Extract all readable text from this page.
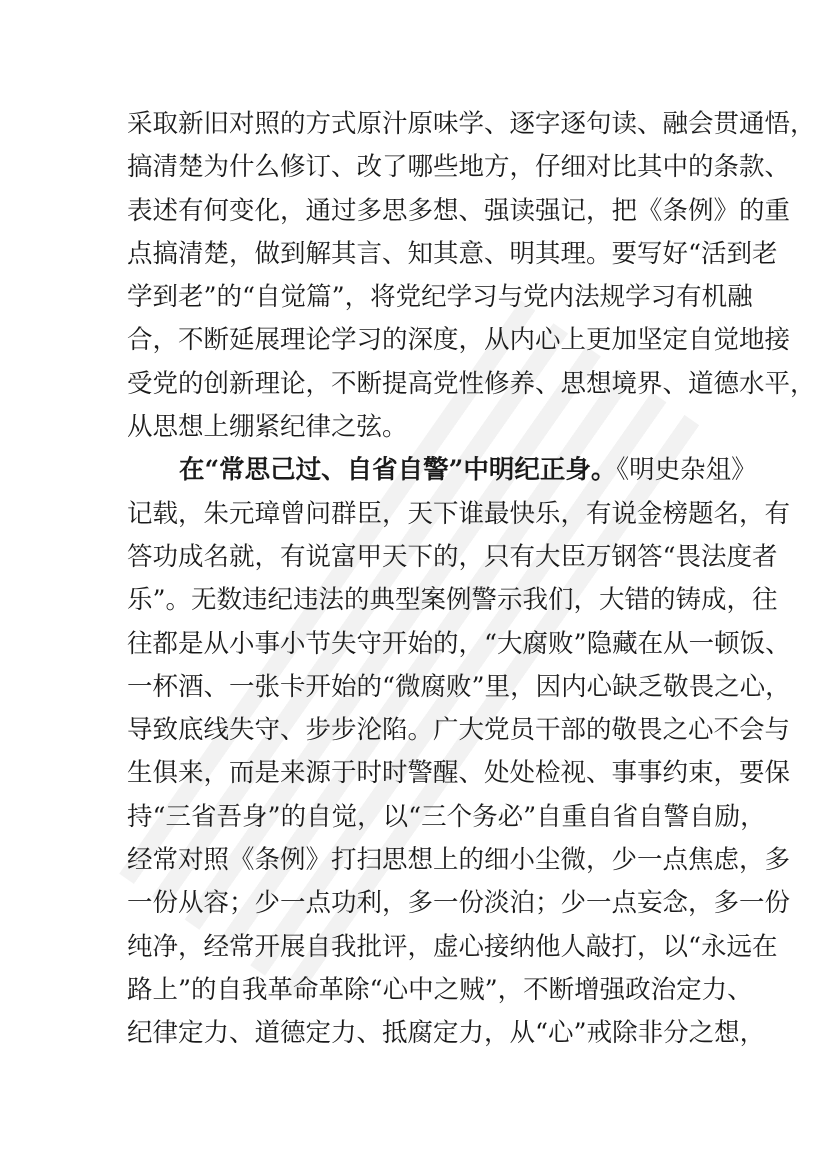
采取新旧对照的方式原汁原味学、逐字逐句读、融会贯通悟，
搞清楚为什么修订、改了哪些地方，仔细对比其中的条款、
表述有何变化，通过多思多想、强读强记，把《条例》的重
点搞清楚，做到解其言、知其意、明其理。要写好“活到老
学到老”的“自觉篇”，将党纪学习与党内法规学习有机融
合，不断延展理论学习的深度，从内心上更加坚定自觉地接
受党的创新理论，不断提高党性修养、思想境界、道德水平，
从思想上绷紧纪律之弦。
在“常思己过、自省自警”中明纪正身。《明史杂俎》
记载，朱元璋曾问群臣，天下谁最快乐，有说金榜题名，有
答功成名就，有说富甲天下的，只有大臣万钢答“畏法度者
乐”。无数违纪违法的典型案例警示我们，大错的铸成，往
往都是从小事小节失守开始的，“大腐败”隐藏在从一顿饭、
一杯酒、一张卡开始的“微腐败”里，因内心缺乏敬畏之心，
导致底线失守、步步沦陷。广大党员干部的敬畏之心不会与
生俱来，而是来源于时时警醒、处处检视、事事约束，要保
持“三省吾身”的自觉，以“三个务必”自重自省自警自励，
经常对照《条例》打扫思想上的细小尘微，少一点焦虑，多
一份从容；少一点功利，多一份淡泊；少一点妄念，多一份
纯净，经常开展自我批评，虚心接纳他人敲打，以“永远在
路上”的自我革命革除“心中之贼”，不断增强政治定力、
纪律定力、道德定力、抵腐定力，从“心”戒除非分之想，
